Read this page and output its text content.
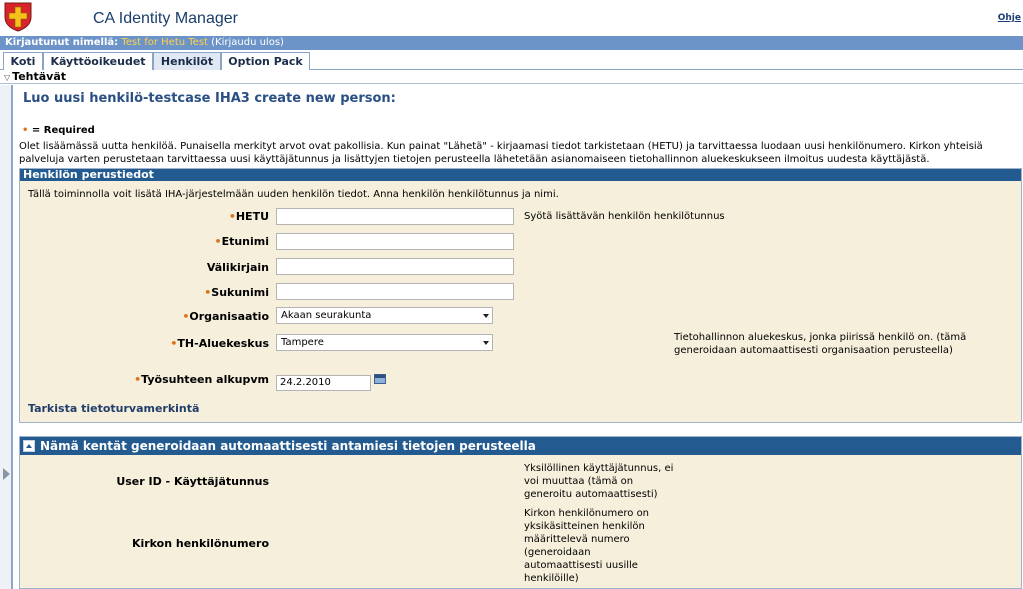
CA Identity Manager	Ohje
Kirjautunut nimellä: Test for Hetu Test (Kirjaudu ulos)
Koti	Käyttöoikeudet	Henkilöt	Option Pack
▽ Tehtävät
Luo uusi henkilö-testcase IHA3 create new person:
• = Required
Olet lisäämässä uutta henkilöä. Punaisella merkityt arvot ovat pakollisia. Kun painat "Lähetä" - kirjaamasi tiedot tarkistetaan (HETU) ja tarvittaessa luodaan uusi henkilönumero. Kirkon yhteisiä palveluja varten perustetaan tarvittaessa uusi käyttäjätunnus ja lisättyjen tietojen perusteella lähetetään asianomaiseen tietohallinnon aluekeskukseen ilmoitus uudesta käyttäjästä.
Henkilön perustiedot
Tällä toiminnolla voit lisätä IHA-järjestelmään uuden henkilön tiedot. Anna henkilön henkilötunnus ja nimi.
•HETU	Syötä lisättävän henkilön henkilötunnus
•Etunimi
Välikirjain
•Sukunimi
•Organisaatio	Akaan seurakunta
•TH-Aluekeskus	Tampere	Tietohallinnon aluekeskus, jonka piirissä henkilö on. (tämä generoidaan automaattisesti organisaation perusteella)
•Työsuhteen alkupvm	24.2.2010
Tarkista tietoturvamerkintä
Nämä kentät generoidaan automaattisesti antamiesi tietojen perusteella
User ID - Käyttäjätunnus
Yksilöllinen käyttäjätunnus, ei voi muuttaa (tämä on generoitu automaattisesti)
Kirkon henkilönumero
Kirkon henkilönumero on yksikäsitteinen henkilön määrittelevä numero (generoidaan automaattisesti uusille henkilöille)
